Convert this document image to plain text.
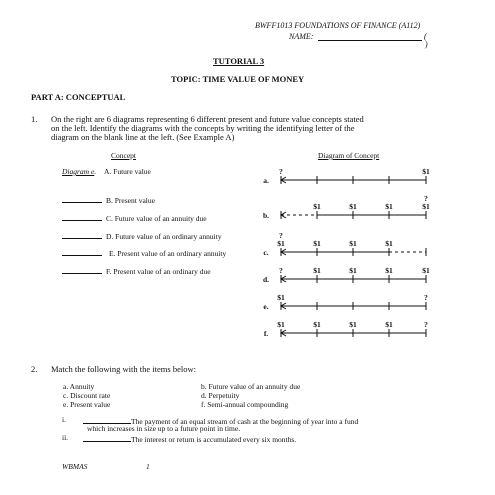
BWFF1013 FOUNDATIONS OF FINANCE (A112)
NAME:	(
)
TUTORIAL 3
TOPIC: TIME VALUE OF MONEY
PART A: CONCEPTUAL
1. On the right are 6 diagrams representing 6 different present and future value concepts stated
on the left. Identify the diagrams with the concepts by writing the identifying letter of the
diagram on the blank line at the left. (See Example A)
Concept	Diagram of Concept
Diagram e. A. Future value
B. Present value
C. Future value of an annuity due
D. Future value of an ordinary annuity
E. Present value of an ordinary annuity
F. Present value of an ordinary due
a.
?	$1
b.
$1	$1	$1
?
$1
c.
?
$1	$1	$1	$1
d.
?	$1	$1	$1	$1
e.
$1	?
f.
$1	$1	$1	$1	?
2. Match the following with the items below:
a. Annuity	b. Future value of an annuity due
c. Discount rate	d. Perpetuity
e. Present value	f. Semi-annual compounding
i.	The payment of an equal stream of cash at the beginning of year into a fund
which increases in size up to a future point in time.
ii.	The interest or return is accumulated every six months.
WBMAS	1
